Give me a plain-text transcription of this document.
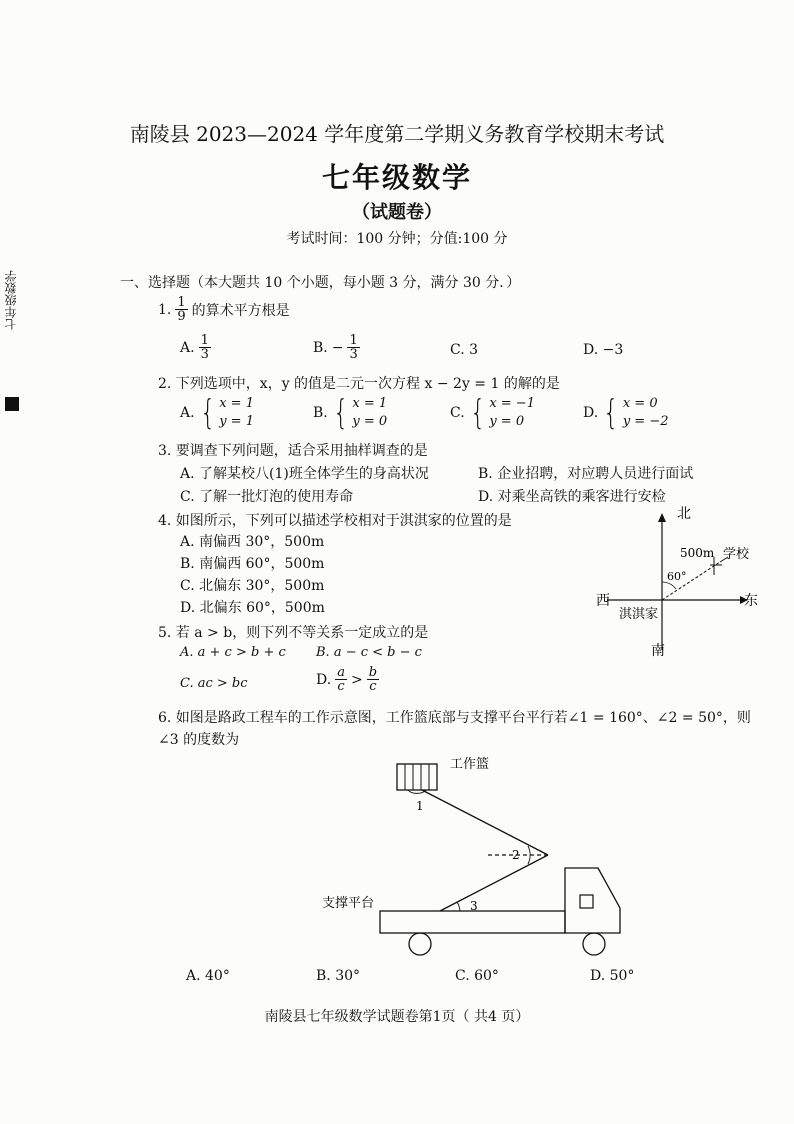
七年级数学
南陵县 2023—2024 学年度第二学期义务教育学校期末考试
七年级数学
（试题卷）
考试时间：100 分钟；分值:100 分
一、选择题（本大题共 10 个小题，每小题 3 分，满分 30 分．）
1. $\frac{1}{9}$ 的算术平方根是
A. $\frac{1}{3}$	B. − $\frac{1}{3}$	C. 3	D. −3
2. 下列选项中，x，y 的值是二元一次方程 x − 2y = 1 的解的是
A. { x = 1
y = 1
B. { x = 1
y = 0
C. { x = −1
y = 0
D. { x = 0
y = −2
3. 要调查下列问题，适合采用抽样调查的是
A. 了解某校八(1)班全体学生的身高状况	B. 企业招聘，对应聘人员进行面试
C. 了解一批灯泡的使用寿命	D. 对乘坐高铁的乘客进行安检
4. 如图所示，下列可以描述学校相对于淇淇家的位置的是
A. 南偏西 30°，500m
B. 南偏西 60°，500m
C. 北偏东 30°，500m
D. 北偏东 60°，500m
北
南
西	东
淇淇家
学校
500m
60°
5. 若 a > b，则下列不等关系一定成立的是
A. a + c > b + c B. a − c < b − c
C. ac > bc	D. $\frac{a}{c} > \frac{b}{c}$
6. 如图是路政工程车的工作示意图，工作篮底部与支撑平台平行若∠1 = 160°、∠2 = 50°，则
∠3 的度数为
工作篮
1
2
3
支撑平台
A. 40°	B. 30°	C. 60°	D. 50°
南陵县七年级数学试题卷第1页（ 共4 页）
